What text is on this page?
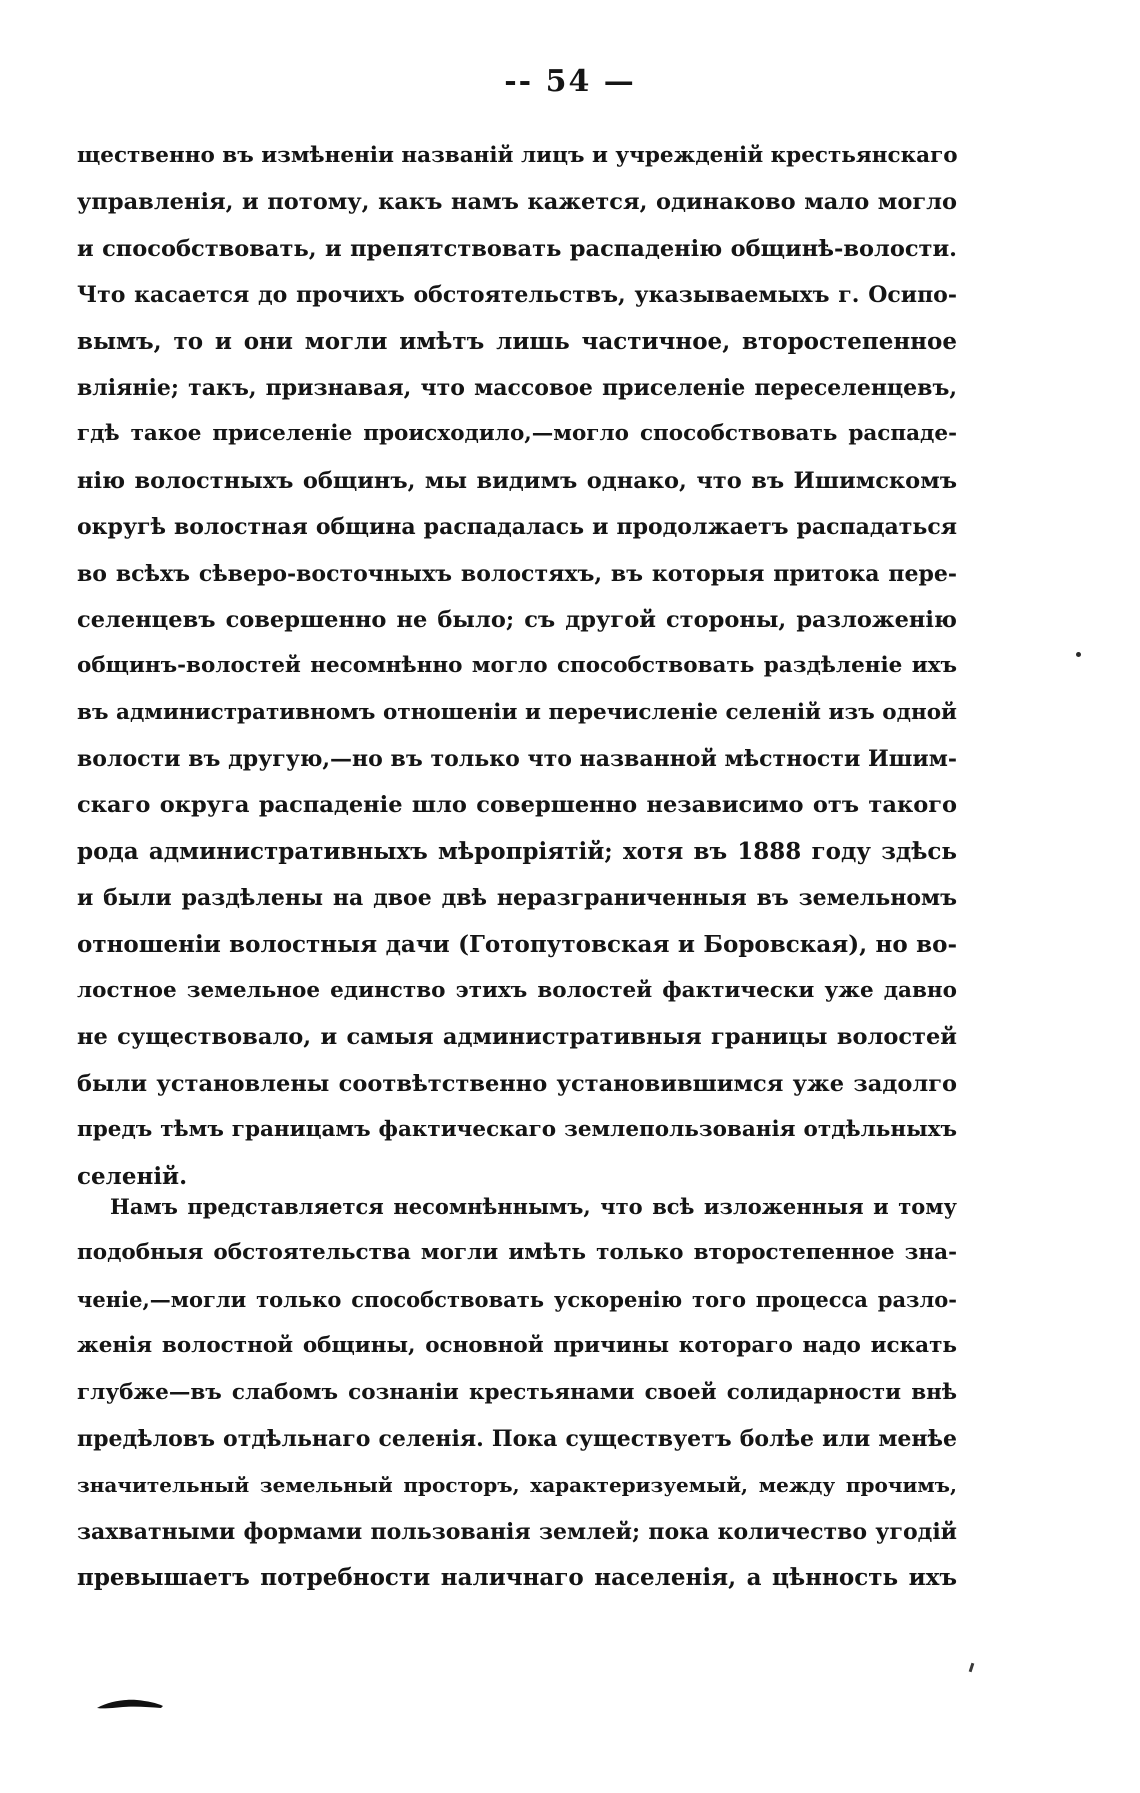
-- 54 —
щественно въ измѣненіи названій лицъ и учрежденій крестьянскаго
управленія, и потому, какъ намъ кажется, одинаково мало могло
и способствовать, и препятствовать распаденію общинѣ-волости.
Что касается до прочихъ обстоятельствъ, указываемыхъ г. Осипо-
вымъ, то и они могли имѣтъ лишь частичное, второстепенное
вліяніе; такъ, признавая, что массовое приселеніе переселенцевъ,
гдѣ такое приселеніе происходило,—могло способствовать распаде-
нію волостныхъ общинъ, мы видимъ однако, что въ Ишимскомъ
округѣ волостная община распадалась и продолжаетъ распадаться
во всѣхъ сѣверо-восточныхъ волостяхъ, въ которыя притока пере-
селенцевъ совершенно не было; съ другой стороны, разложенію
общинъ-волостей несомнѣнно могло способствовать раздѣленіе ихъ
въ административномъ отношеніи и перечисленіе селеній изъ одной
волости въ другую,—но въ только что названной мѣстности Ишим-
скаго округа распаденіе шло совершенно независимо отъ такого
рода административныхъ мѣропріятій; хотя въ 1888 году здѣсь
и были раздѣлены на двое двѣ неразграниченныя въ земельномъ
отношеніи волостныя дачи (Готопутовская и Боровская), но во-
лостное земельное единство этихъ волостей фактически уже давно
не существовало, и самыя административныя границы волостей
были установлены соотвѣтственно установившимся уже задолго
предъ тѣмъ границамъ фактическаго землепользованія отдѣльныхъ
селеній.
Намъ представляется несомнѣннымъ, что всѣ изложенныя и тому
подобныя обстоятельства могли имѣть только второстепенное зна-
ченіе,—могли только способствовать ускоренію того процесса разло-
женія волостной общины, основной причины котораго надо искать
глубже—въ слабомъ сознаніи крестьянами своей солидарности внѣ
предѣловъ отдѣльнаго селенія. Пока существуетъ болѣе или менѣе
значительный земельный просторъ, характеризуемый, между прочимъ,
захватными формами пользованія землей; пока количество угодій
превышаетъ потребности наличнаго населенія, а цѣнность ихъ
